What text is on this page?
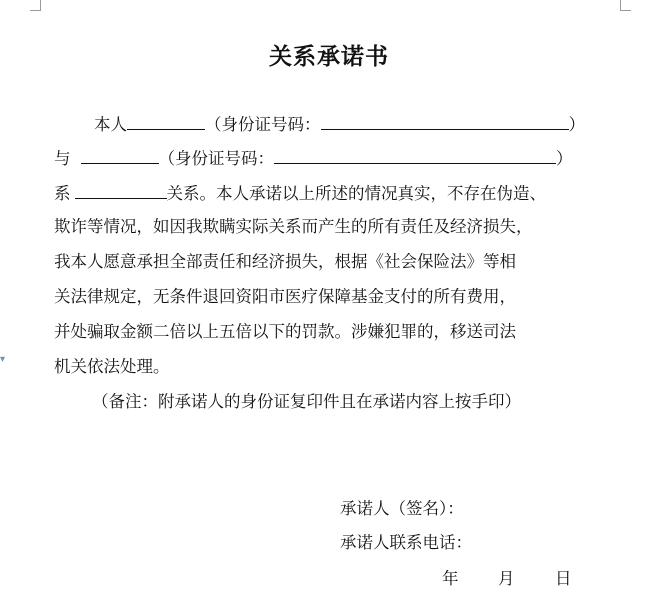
▾
关系承诺书
本人	（身份证号码：	）
与	（身份证号码：	）
系	关系。本人承诺以上所述的情况真实，不存在伪造、
欺诈等情况，如因我欺瞒实际关系而产生的所有责任及经济损失，
我本人愿意承担全部责任和经济损失，根据《社会保险法》等相
关法律规定，无条件退回资阳市医疗保障基金支付的所有费用，
并处骗取金额二倍以上五倍以下的罚款。涉嫌犯罪的，移送司法
机关依法处理。
（备注：附承诺人的身份证复印件且在承诺内容上按手印）
承诺人（签名）：
承诺人联系电话：
年 月 日
